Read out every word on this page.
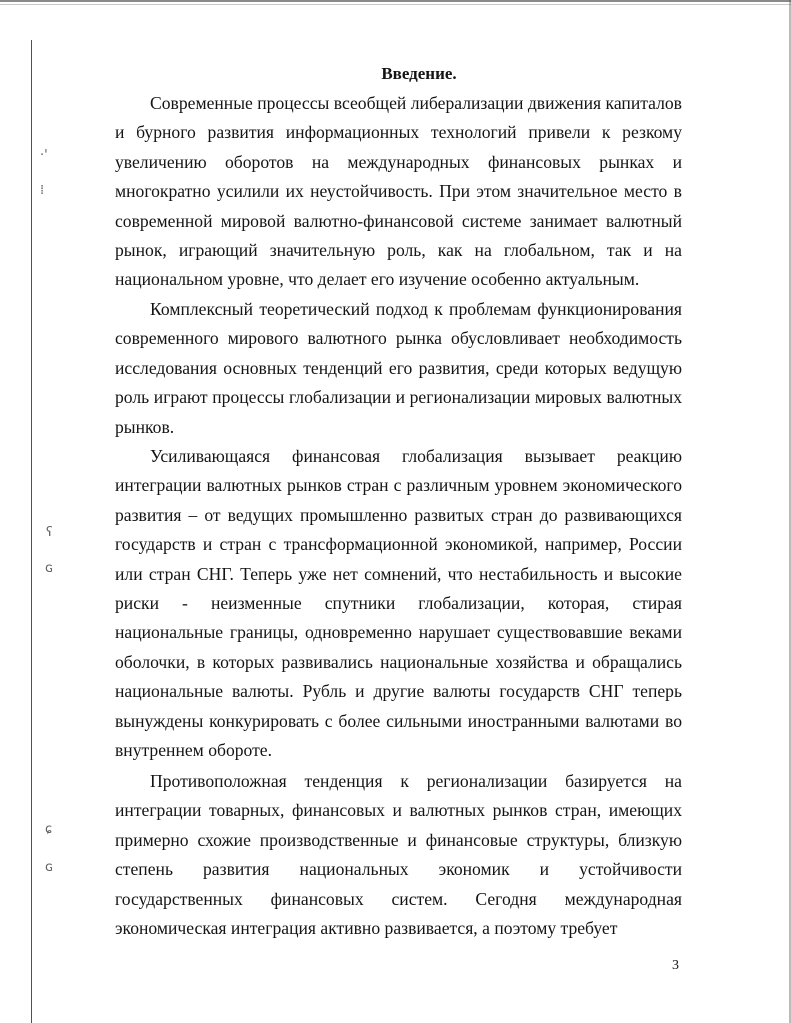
·ꞌ
⁞
ʕ
ɢ
ɕ
ɢ
Введение.

Современные процессы всеобщей либерализации движения капиталов и бурного развития информационных технологий привели к резкому увеличению оборотов на международных финансовых рынках и многократно усилили их неустойчивость. При этом значительное место в современной мировой валютно-финансовой системе занимает валютный рынок, играющий значительную роль, как на глобальном, так и на национальном уровне, что делает его изучение особенно актуальным.

Комплексный теоретический подход к проблемам функционирования современного мирового валютного рынка обусловливает необходимость исследования основных тенденций его развития, среди которых ведущую роль играют процессы глобализации и регионализации мировых валютных рынков.

Усиливающаяся финансовая глобализация вызывает реакцию интеграции валютных рынков стран с различным уровнем экономического развития – от ведущих промышленно развитых стран до развивающихся государств и стран с трансформационной экономикой, например, России или стран СНГ. Теперь уже нет сомнений, что нестабильность и высокие риски - неизменные спутники глобализации, которая, стирая национальные границы, одновременно нарушает существовавшие веками оболочки, в которых развивались национальные хозяйства и обращались национальные валюты. Рубль и другие валюты государств СНГ теперь вынуждены конкурировать с более сильными иностранными валютами во внутреннем обороте.

Противоположная тенденция к регионализации базируется на интеграции товарных, финансовых и валютных рынков стран, имеющих примерно схожие производственные и финансовые структуры, близкую степень развития национальных экономик и устойчивости государственных финансовых систем. Сегодня международная экономическая интеграция активно развивается, а поэтому требует

3
